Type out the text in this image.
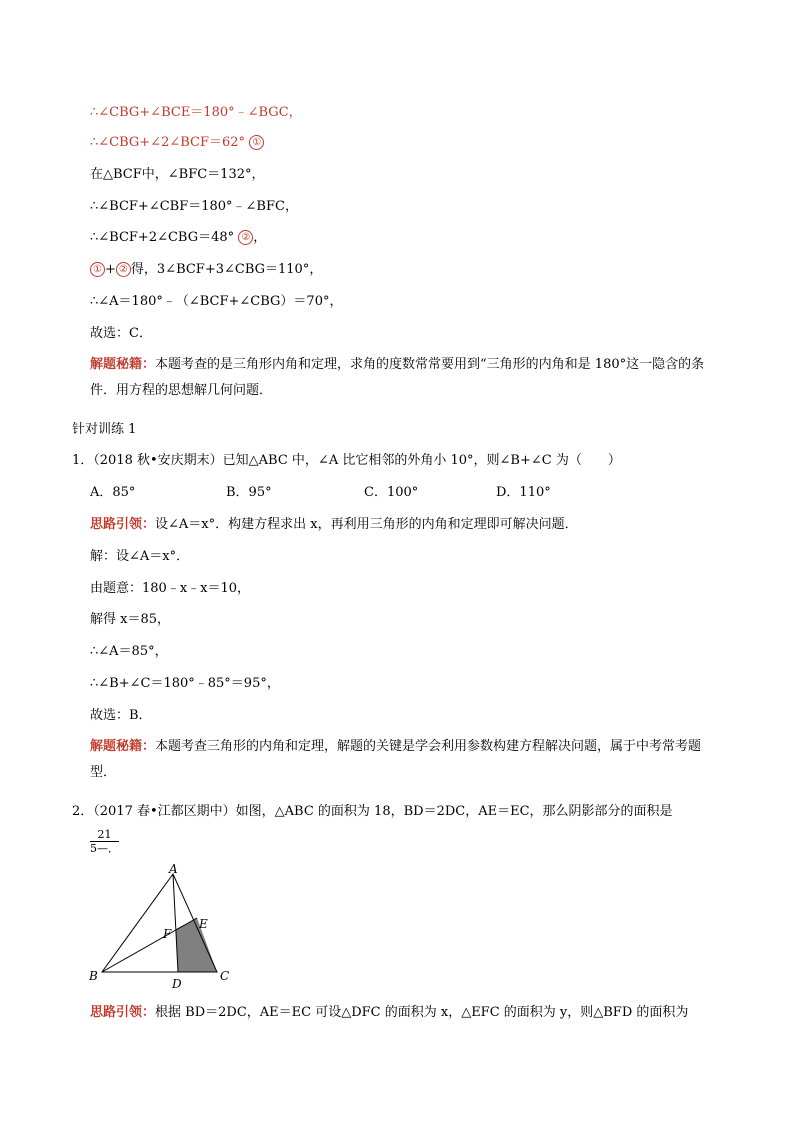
∴∠CBG+∠BCE＝180°﹣∠BGC，
∴∠CBG+∠2∠BCF＝62° ①
在△BCF中，∠BFC＝132°，
∴∠BCF+∠CBF＝180°﹣∠BFC，
∴∠BCF+2∠CBG＝48° ② ，
① + ② 得，3∠BCF+3∠CBG＝110°，
∴∠A＝180°﹣（∠BCF+∠CBG）＝70°，
故选：C．
解题秘籍：本题考查的是三角形内角和定理，求角的度数常常要用到“三角形的内角和是 180°这一隐含的条件．用方程的思想解几何问题．
针对训练 1
1．（2018 秋•安庆期末）已知△ABC 中，∠A 比它相邻的外角小 10°，则∠B+∠C 为（　　）
A．85°	B．95°	C．100°	D．110°
思路引领：设∠A＝x°．构建方程求出 x，再利用三角形的内角和定理即可解决问题．
解：设∠A＝x°．
由题意：180﹣x﹣x＝10，
解得 x＝85，
∴∠A＝85°，
∴∠B+∠C＝180°﹣85°＝95°，
故选：B．
解题秘籍：本题考查三角形的内角和定理，解题的关键是学会利用参数构建方程解决问题，属于中考常考题型．
2．（2017 春•江都区期中）如图，△ABC 的面积为 18，BD＝2DC，AE＝EC，那么阴影部分的面积是
21
5—．
A
B	C
D
E
F
思路引领：根据 BD＝2DC，AE＝EC 可设△DFC 的面积为 x，△EFC 的面积为 y，则△BFD 的面积为
